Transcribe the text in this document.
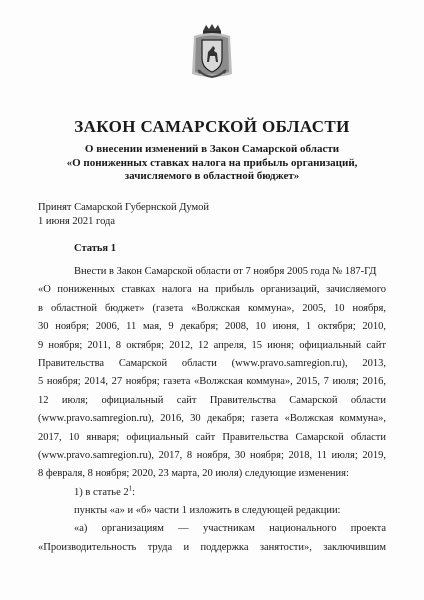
ЗАКОН САМАРСКОЙ ОБЛАСТИ
О внесении изменений в Закон Самарской области
«О пониженных ставках налога на прибыль организаций,
зачисляемого в областной бюджет»
Принят Самарской Губернской Думой
1 июня 2021 года
Статья 1
Внести в Закон Самарской области от 7 ноября 2005 года № 187-ГД
«О пониженных ставках налога на прибыль организаций, зачисляемого
в областной бюджет» (газета «Волжская коммуна», 2005, 10 ноября,
30 ноября; 2006, 11 мая, 9 декабря; 2008, 10 июня, 1 октября; 2010,
9 ноября; 2011, 8 октября; 2012, 12 апреля, 15 июня; официальный сайт
Правительства Самарской области (www.pravo.samregion.ru), 2013,
5 ноября; 2014, 27 ноября; газета «Волжская коммуна», 2015, 7 июля; 2016,
12 июля; официальный сайт Правительства Самарской области
(www.pravo.samregion.ru), 2016, 30 декабря; газета «Волжская коммуна»,
2017, 10 января; официальный сайт Правительства Самарской области
(www.pravo.samregion.ru), 2017, 8 ноября, 30 ноября; 2018, 11 июля; 2019,
8 февраля, 8 ноября; 2020, 23 марта, 20 июля) следующие изменения:
1) в статье $2^1$:
пункты «а» и «б» части 1 изложить в следующей редакции:
«а) организациям — участникам национального проекта
«Производительность труда и поддержка занятости», заключившим
